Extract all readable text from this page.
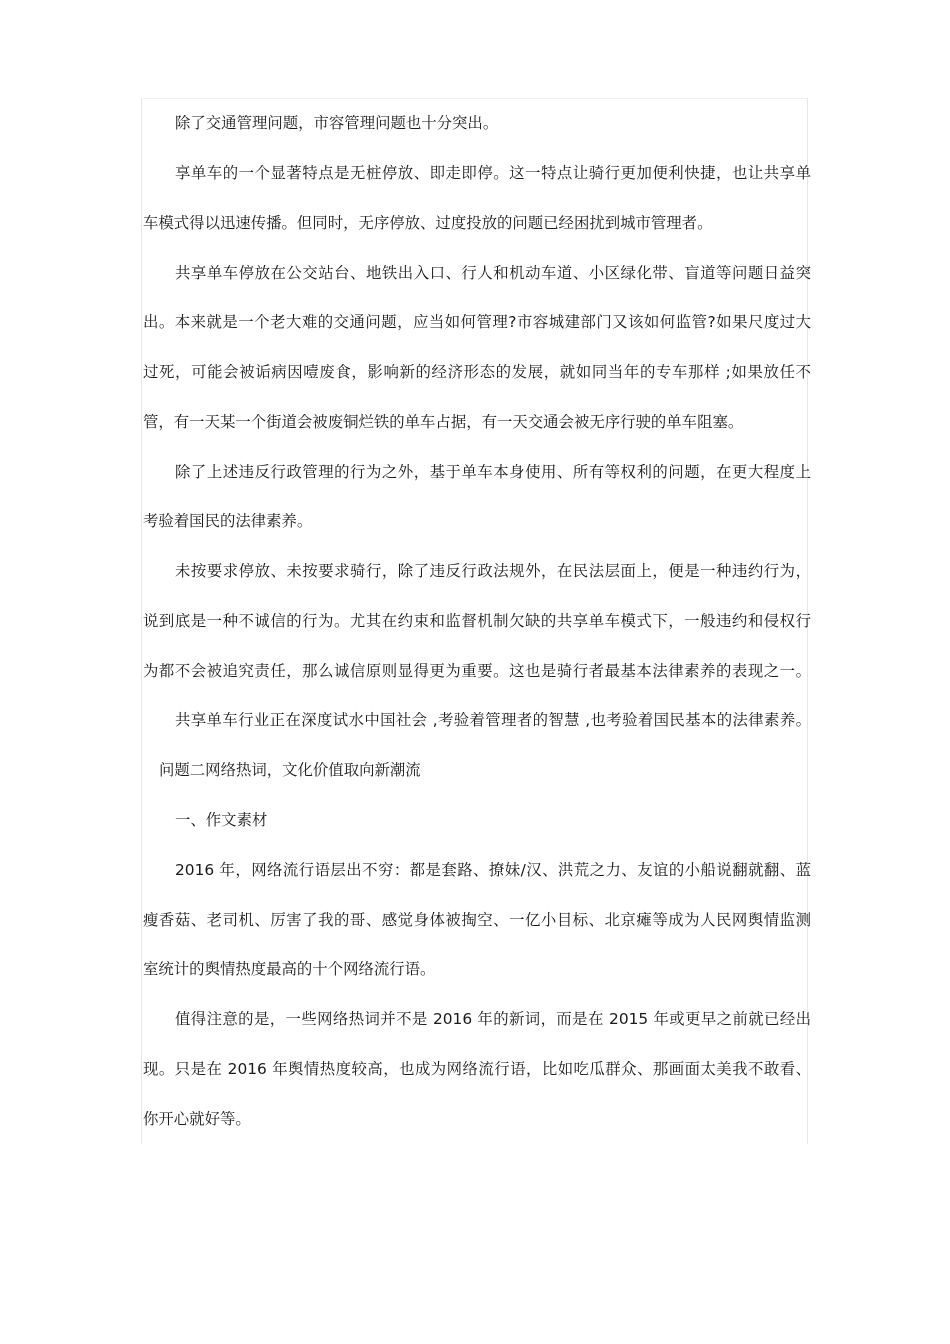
除了交通管理问题，市容管理问题也十分突出。
享单车的一个显著特点是无桩停放、即走即停。这一特点让骑行更加便利快捷，也让共享单
车模式得以迅速传播。但同时，无序停放、过度投放的问题已经困扰到城市管理者。
共享单车停放在公交站台、地铁出入口、行人和机动车道、小区绿化带、盲道等问题日益突
出。本来就是一个老大难的交通问题，应当如何管理?市容城建部门又该如何监管?如果尺度过大
过死，可能会被诟病因噎废食，影响新的经济形态的发展，就如同当年的专车那样 ;如果放任不
管，有一天某一个街道会被废铜烂铁的单车占据，有一天交通会被无序行驶的单车阻塞。
除了上述违反行政管理的行为之外，基于单车本身使用、所有等权利的问题，在更大程度上
考验着国民的法律素养。
未按要求停放、未按要求骑行，除了违反行政法规外，在民法层面上，便是一种违约行为，
说到底是一种不诚信的行为。尤其在约束和监督机制欠缺的共享单车模式下，一般违约和侵权行
为都不会被追究责任，那么诚信原则显得更为重要。这也是骑行者最基本法律素养的表现之一。
共享单车行业正在深度试水中国社会 ,考验着管理者的智慧 ,也考验着国民基本的法律素养。
问题二网络热词，文化价值取向新潮流
一、作文素材
2016 年，网络流行语层出不穷：都是套路、撩妹/汉、洪荒之力、友谊的小船说翻就翻、蓝
瘦香菇、老司机、厉害了我的哥、感觉身体被掏空、一亿小目标、北京瘫等成为人民网舆情监测
室统计的舆情热度最高的十个网络流行语。
值得注意的是，一些网络热词并不是 2016 年的新词，而是在 2015 年或更早之前就已经出
现。只是在 2016 年舆情热度较高，也成为网络流行语，比如吃瓜群众、那画面太美我不敢看、
你开心就好等。
